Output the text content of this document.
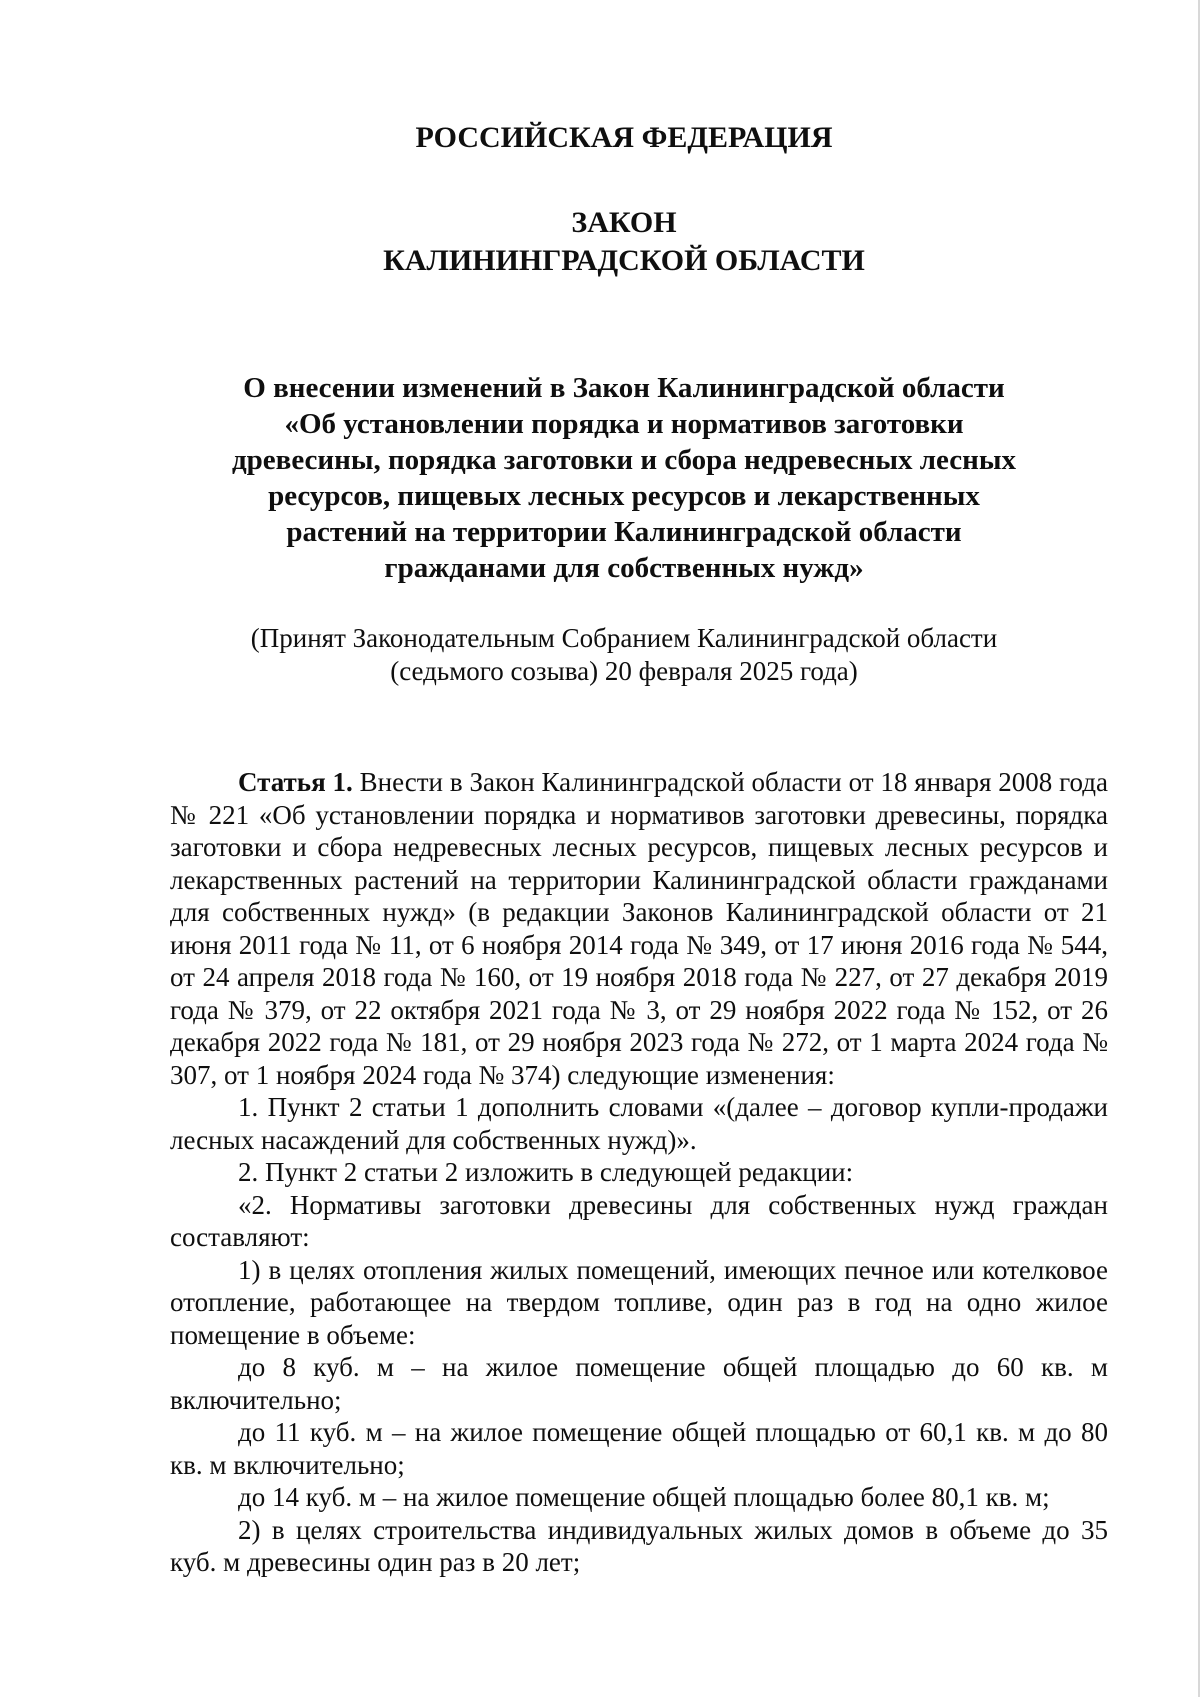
РОССИЙСКАЯ ФЕДЕРАЦИЯ

ЗАКОН
КАЛИНИНГРАДСКОЙ ОБЛАСТИ

О внесении изменений в Закон Калининградской области
«Об установлении порядка и нормативов заготовки
древесины, порядка заготовки и сбора недревесных лесных
ресурсов, пищевых лесных ресурсов и лекарственных
растений на территории Калининградской области
гражданами для собственных нужд»

(Принят Законодательным Собранием Калининградской области
(седьмого созыва) 20 февраля 2025 года)

Статья 1. Внести в Закон Калининградской области от 18 января 2008 года № 221 «Об установлении порядка и нормативов заготовки древесины, порядка заготовки и сбора недревесных лесных ресурсов, пищевых лесных ресурсов и лекарственных растений на территории Калининградской области гражданами для собственных нужд» (в редакции Законов Калининградской области от 21 июня 2011 года № 11, от 6 ноября 2014 года № 349, от 17 июня 2016 года № 544, от 24 апреля 2018 года № 160, от 19 ноября 2018 года № 227, от 27 декабря 2019 года № 379, от 22 октября 2021 года № 3, от 29 ноября 2022 года № 152, от 26 декабря 2022 года № 181, от 29 ноября 2023 года № 272, от 1 марта 2024 года № 307, от 1 ноября 2024 года № 374) следующие изменения:

1. Пункт 2 статьи 1 дополнить словами «(далее – договор купли-продажи лесных насаждений для собственных нужд)».

2. Пункт 2 статьи 2 изложить в следующей редакции:

«2. Нормативы заготовки древесины для собственных нужд граждан составляют:

1) в целях отопления жилых помещений, имеющих печное или котелковое отопление, работающее на твердом топливе, один раз в год на одно жилое помещение в объеме:

до 8 куб. м – на жилое помещение общей площадью до 60 кв. м включительно;

до 11 куб. м – на жилое помещение общей площадью от 60,1 кв. м до 80 кв. м включительно;

до 14 куб. м – на жилое помещение общей площадью более 80,1 кв. м;

2) в целях строительства индивидуальных жилых домов в объеме до 35 куб. м древесины один раз в 20 лет;
